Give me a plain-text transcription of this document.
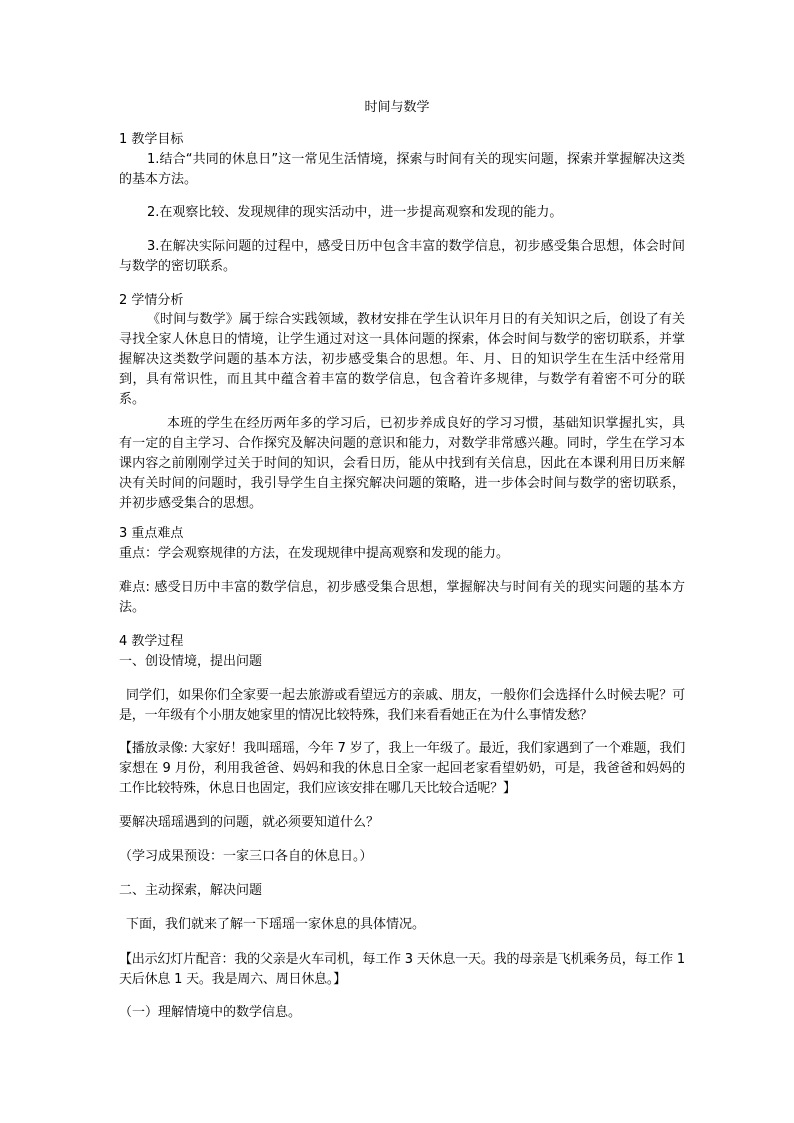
时间与数学

1 教学目标

1.结合“共同的休息日”这一常见生活情境，探索与时间有关的现实问题，探索并掌握解决这类的基本方法。

2.在观察比较、发现规律的现实活动中，进一步提高观察和发现的能力。

3.在解决实际问题的过程中，感受日历中包含丰富的数学信息，初步感受集合思想，体会时间与数学的密切联系。

2 学情分析

《时间与数学》属于综合实践领域，教材安排在学生认识年月日的有关知识之后，创设了有关寻找全家人休息日的情境，让学生通过对这一具体问题的探索，体会时间与数学的密切联系，并掌握解决这类数学问题的基本方法，初步感受集合的思想。年、月、日的知识学生在生活中经常用到，具有常识性，而且其中蕴含着丰富的数学信息，包含着许多规律，与数学有着密不可分的联系。

本班的学生在经历两年多的学习后，已初步养成良好的学习习惯，基础知识掌握扎实，具有一定的自主学习、合作探究及解决问题的意识和能力，对数学非常感兴趣。同时，学生在学习本课内容之前刚刚学过关于时间的知识，会看日历，能从中找到有关信息，因此在本课利用日历来解决有关时间的问题时，我引导学生自主探究解决问题的策略，进一步体会时间与数学的密切联系，并初步感受集合的思想。

3 重点难点

重点：学会观察规律的方法，在发现规律中提高观察和发现的能力。

难点: 感受日历中丰富的数学信息，初步感受集合思想，掌握解决与时间有关的现实问题的基本方法。

4 教学过程

一、创设情境，提出问题

同学们，如果你们全家要一起去旅游或看望远方的亲戚、朋友，一般你们会选择什么时候去呢？可是，一年级有个小朋友她家里的情况比较特殊，我们来看看她正在为什么事情发愁？

【播放录像: 大家好！我叫瑶瑶，今年 7 岁了，我上一年级了。最近，我们家遇到了一个难题，我们家想在 9 月份，利用我爸爸、妈妈和我的休息日全家一起回老家看望奶奶，可是，我爸爸和妈妈的工作比较特殊，休息日也固定，我们应该安排在哪几天比较合适呢？】

要解决瑶瑶遇到的问题，就必须要知道什么？

（学习成果预设：一家三口各自的休息日。）

二、主动探索，解决问题

下面，我们就来了解一下瑶瑶一家休息的具体情况。

【出示幻灯片配音：我的父亲是火车司机，每工作 3 天休息一天。我的母亲是飞机乘务员，每工作 1 天后休息 1 天。我是周六、周日休息。】

（一）理解情境中的数学信息。
